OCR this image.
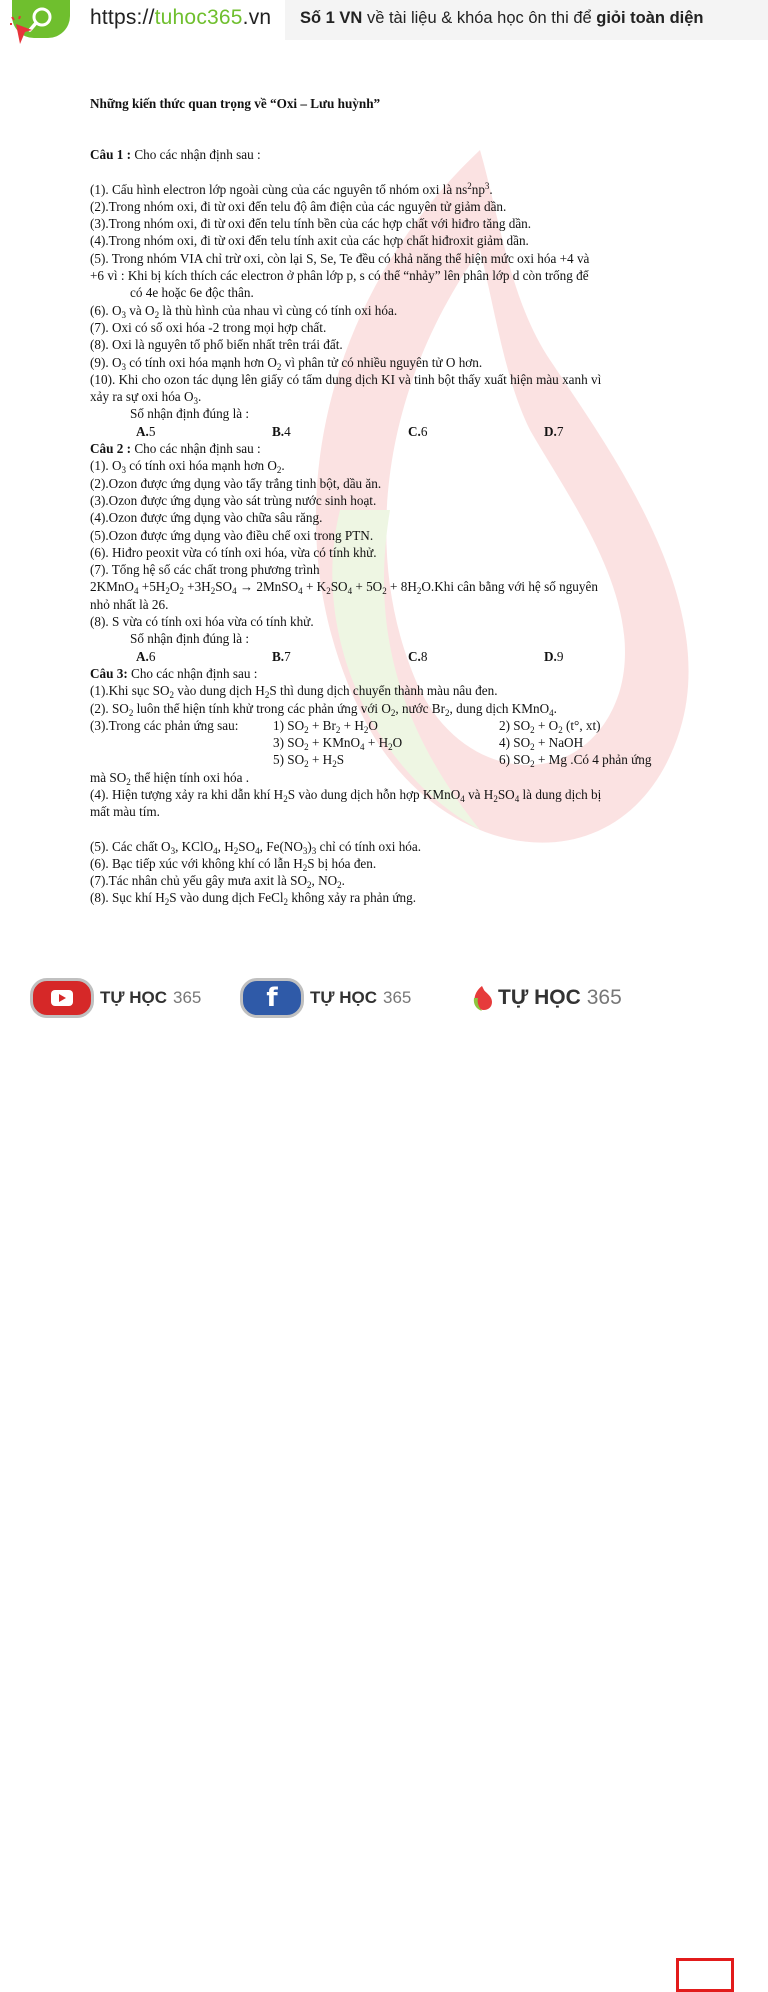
https://tuhoc365.vn Số 1 VN về tài liệu & khóa học ôn thi để giỏi toàn diện

Những kiến thức quan trọng về “Oxi – Lưu huỳnh”

Câu 1 : Cho các nhận định sau :

(1). Cấu hình electron lớp ngoài cùng của các nguyên tố nhóm oxi là $ns^2np^3$.

(2).Trong nhóm oxi, đi từ oxi đến telu độ âm điện của các nguyên tử giảm dần.

(3).Trong nhóm oxi, đi từ oxi đến telu tính bền của các hợp chất với hiđro tăng dần.

(4).Trong nhóm oxi, đi từ oxi đến telu tính axit của các hợp chất hiđroxit giảm dần.

(5). Trong nhóm VIA chỉ trừ oxi, còn lại S, Se, Te đều có khả năng thể hiện mức oxi hóa +4 và

+6 vì : Khi bị kích thích các electron ở phân lớp p, s có thể “nhảy” lên phân lớp d còn trống để

có 4e hoặc 6e độc thân.

(6). $O_3$ và $O_2$ là thù hình của nhau vì cùng có tính oxi hóa.

(7). Oxi có số oxi hóa -2 trong mọi hợp chất.

(8). Oxi là nguyên tố phổ biến nhất trên trái đất.

(9). $O_3$ có tính oxi hóa mạnh hơn $O_2$ vì phân tử có nhiều nguyên tử O hơn.

(10). Khi cho ozon tác dụng lên giấy có tẩm dung dịch KI và tinh bột thấy xuất hiện màu xanh vì

xảy ra sự oxi hóa $O_3$.

Số nhận định đúng là :

A.5	B.4	C.6	D.7

Câu 2 : Cho các nhận định sau :

(1). $O_3$ có tính oxi hóa mạnh hơn $O_2$.

(2).Ozon được ứng dụng vào tẩy trắng tinh bột, dầu ăn.

(3).Ozon được ứng dụng vào sát trùng nước sinh hoạt.

(4).Ozon được ứng dụng vào chữa sâu răng.

(5).Ozon được ứng dụng vào điều chế oxi trong PTN.

(6). Hiđro peoxit vừa có tính oxi hóa, vừa có tính khử.

(7). Tổng hệ số các chất trong phương trình

2KMnO$_4$ $+5H_2O_2 +3H_2SO_4$ → 2MnSO$_4$ + $K_2SO_4 + 5O_2 + 8H_2O.Khi$ cân bằng với hệ số nguyên

nhỏ nhất là 26.

(8). S vừa có tính oxi hóa vừa có tính khử.

Số nhận định đúng là :

A.6	B.7	C.8	D.9

Câu 3: Cho các nhận định sau :

(1).Khi sục $SO_2$ vào dung dịch $H_2S$ thì dung dịch chuyển thành màu nâu đen.

(2). $SO_2$ luôn thể hiện tính khử trong các phản ứng với $O_2$, nước $Br_2$, dung dịch KMnO$_4$.

(3).Trong các phản ứng sau:	1) $SO_2 + Br_2 + H_2O$	2) $SO_2 + O_2$ (t°, xt)
3) $SO_2$ + KMnO$_4$ + $H_2O$	4) $SO_2$ + NaOH
5) $SO_2 + H_2S$	6) $SO_2 + Mg$ .Có 4 phản ứng

mà $SO_2$ thể hiện tính oxi hóa .

(4). Hiện tượng xảy ra khi dẫn khí $H_2S$ vào dung dịch hỗn hợp KMnO$_4$ và $H_2SO_4$ là dung dịch bị

mất màu tím.

(5). Các chất $O_3$, KClO$_4$, $H_2SO_4$, $Fe(NO_3)_3$ chỉ có tính oxi hóa.

(6). Bạc tiếp xúc với không khí có lẫn $H_2S$ bị hóa đen.

(7).Tác nhân chủ yếu gây mưa axit là $SO_2$, $NO_2$.

(8). Sục khí $H_2S$ vào dung dịch FeCl$_2$ không xảy ra phản ứng.

TỰ HỌC 365 f TỰ HỌC 365	TỰ HỌC 365
